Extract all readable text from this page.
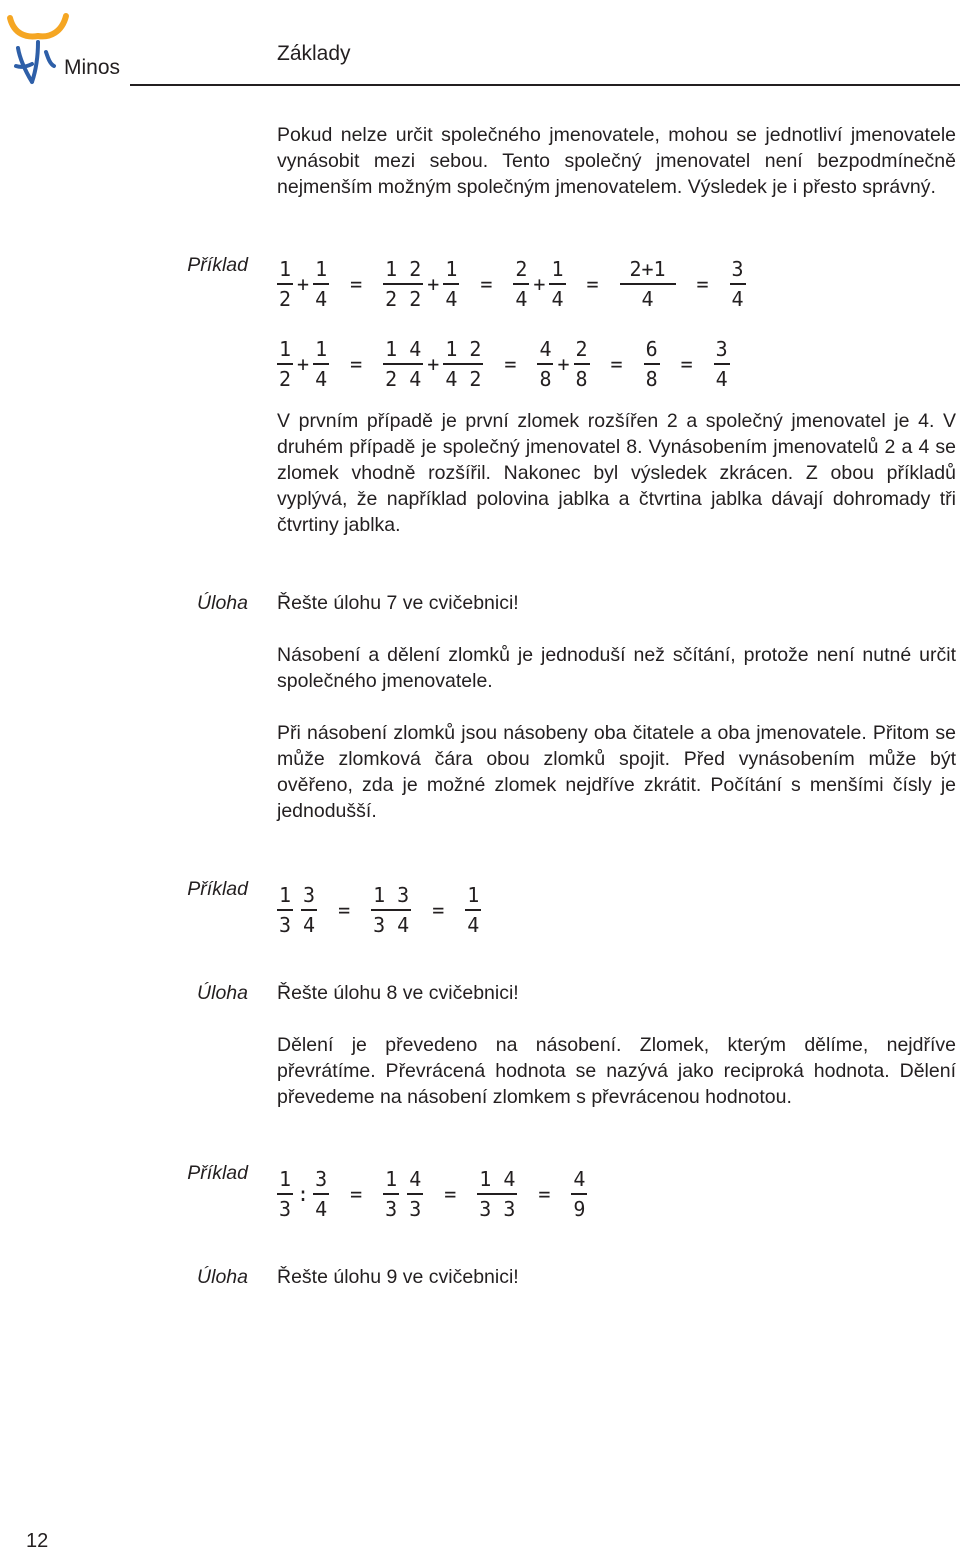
Minos
Základy

Pokud nelze určit společného jmenovatele, mohou se jednotliví jmenovatele vynásobit mezi sebou. Tento společný jmenovatel není bezpodmínečně nejmenším možným společným jmenovatelem. Výsledek je i přesto správný.

Příklad 1
2
+ $\frac{1}{4}$	=	$\frac{1 2}{2 2} + \frac{1}{4}$	=	$\frac{2}{4} + \frac{1}{4}$	=	$\frac{2+1}{4}$	=	$\frac{3}{4}$
1
2
+ $\frac{1}{4}$	=	$\frac{1 4}{2 4} + \frac{1 2}{4 2}$	=	$\frac{4}{8} + \frac{2}{8}$	=	$\frac{6}{8}$	=	$\frac{3}{4}$

V prvním případě je první zlomek rozšířen 2 a společný jmenovatel je 4. V druhém případě je společný jmenovatel 8. Vynásobením jmenovatelů 2 a 4 se zlomek vhodně rozšířil. Nakonec byl výsledek zkrácen. Z obou příkladů vyplývá, že například polovina jablka a čtvrtina jablka dávají dohromady tři čtvrtiny jablka.

Úloha Řešte úlohu 7 ve cvičebnici!

Násobení a dělení zlomků je jednoduší než sčítání, protože není nutné určit společného jmenovatele.

Při násobení zlomků jsou násobeny oba čitatele a oba jmenovatele. Přitom se může zlomková čára obou zlomků spojit. Před vynásobením může být ověřeno, zda je možné zlomek nejdříve zkrátit. Počítání s menšími čísly je jednodušší.

Příklad 1
$3 \frac{3}{4}$	=	$\frac{1 3}{3 4}$	=	$\frac{1}{4}$
Úloha Řešte úlohu 8 ve cvičebnici!

Dělení je převedeno na násobení. Zlomek, kterým dělíme, nejdříve převrátíme. Převrácená hodnota se nazývá jako reciproká hodnota. Dělení převedeme na násobení zlomkem s převrácenou hodnotou.

Příklad 1
3
: $\frac{3}{4}$	=	$\frac{1}{3} \frac{4}{3}$	=	$\frac{1 4}{3 3}$	=	$\frac{4}{9}$
Úloha Řešte úlohu 9 ve cvičebnici!

12
